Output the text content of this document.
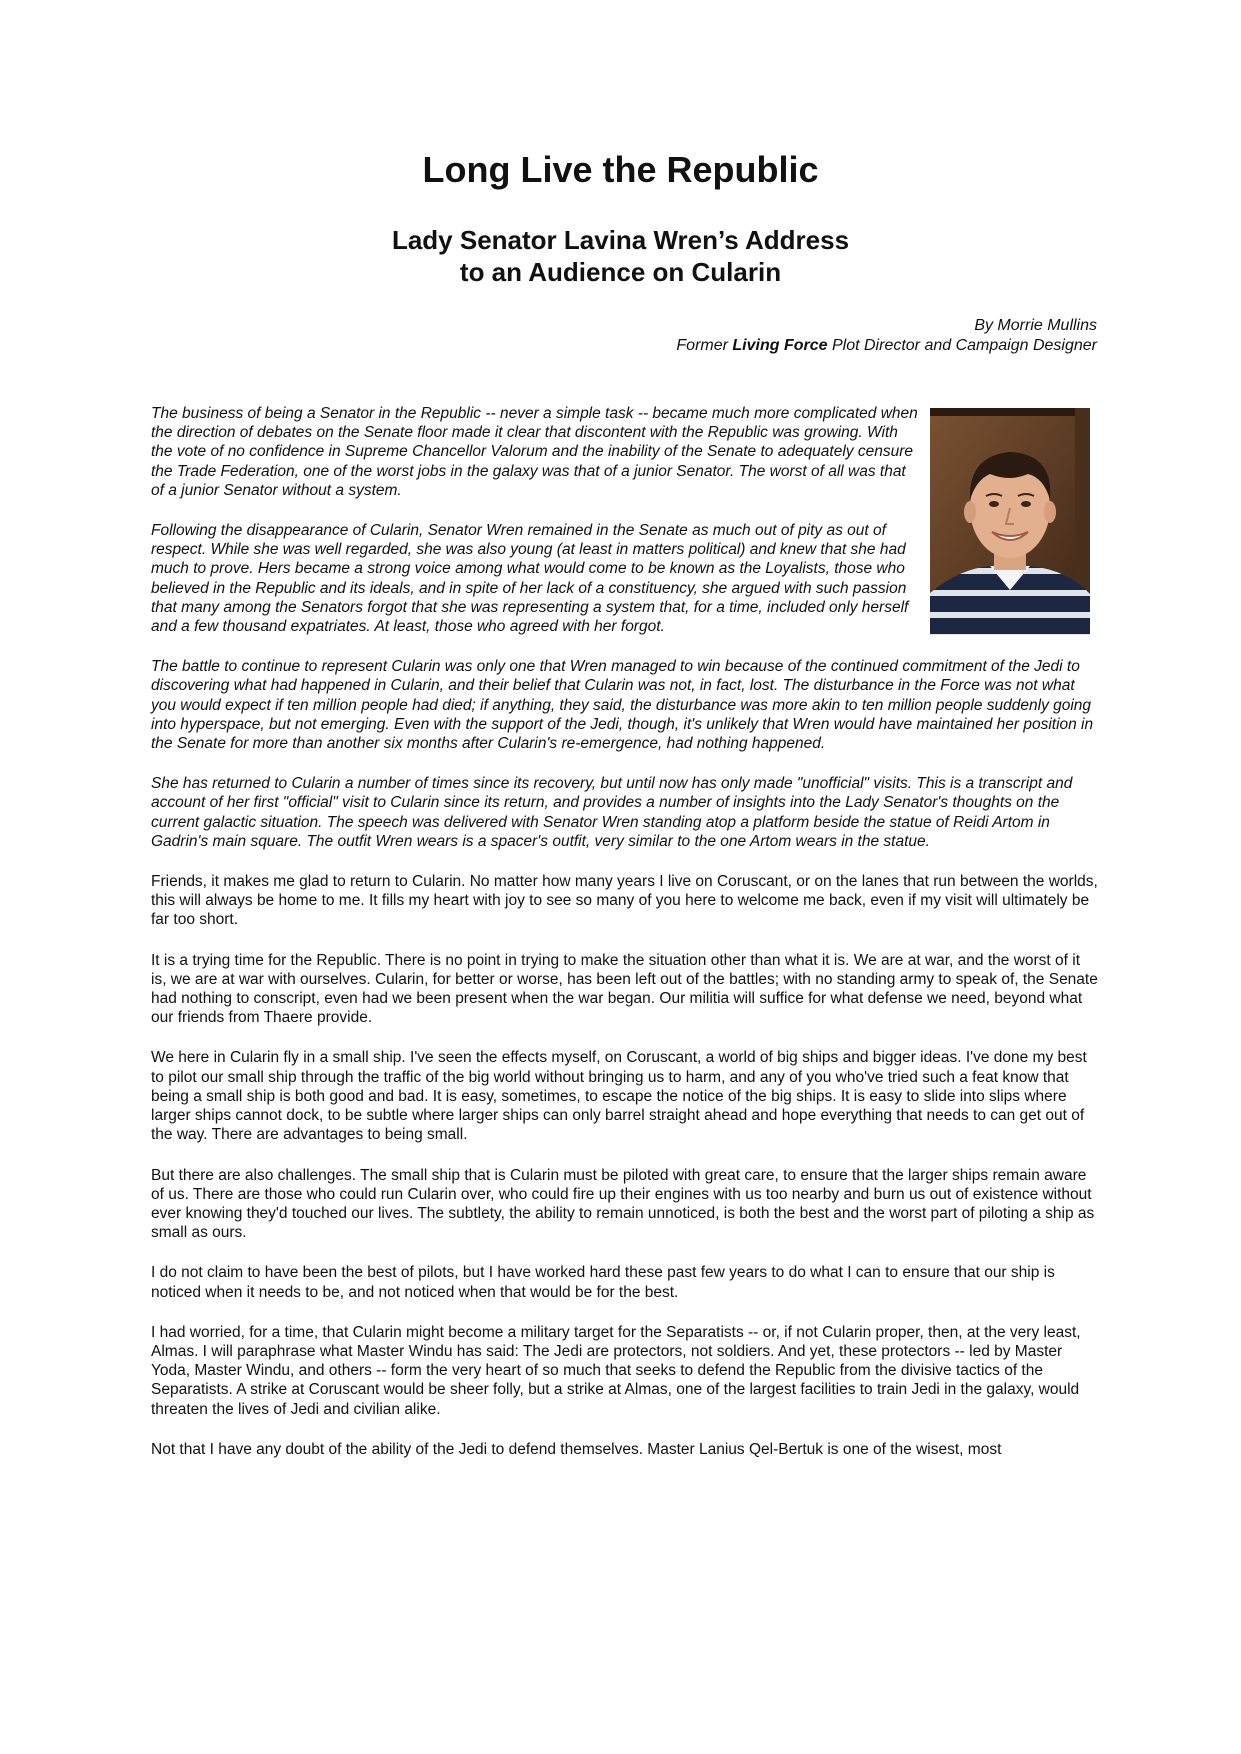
Long Live the Republic
Lady Senator Lavina Wren’s Address
to an Audience on Cularin
By Morrie Mullins
Former Living Force Plot Director and Campaign Designer

The business of being a Senator in the Republic -- never a simple task -- became much more complicated when the direction of debates on the Senate floor made it clear that discontent with the Republic was growing. With the vote of no confidence in Supreme Chancellor Valorum and the inability of the Senate to adequately censure the Trade Federation, one of the worst jobs in the galaxy was that of a junior Senator. The worst of all was that of a junior Senator without a system.

Following the disappearance of Cularin, Senator Wren remained in the Senate as much out of pity as out of respect. While she was well regarded, she was also young (at least in matters political) and knew that she had much to prove. Hers became a strong voice among what would come to be known as the Loyalists, those who believed in the Republic and its ideals, and in spite of her lack of a constituency, she argued with such passion that many among the Senators forgot that she was representing a system that, for a time, included only herself and a few thousand expatriates. At least, those who agreed with her forgot.

The battle to continue to represent Cularin was only one that Wren managed to win because of the continued commitment of the Jedi to discovering what had happened in Cularin, and their belief that Cularin was not, in fact, lost. The disturbance in the Force was not what you would expect if ten million people had died; if anything, they said, the disturbance was more akin to ten million people suddenly going into hyperspace, but not emerging. Even with the support of the Jedi, though, it's unlikely that Wren would have maintained her position in the Senate for more than another six months after Cularin's re-emergence, had nothing happened.

She has returned to Cularin a number of times since its recovery, but until now has only made "unofficial" visits. This is a transcript and account of her first "official" visit to Cularin since its return, and provides a number of insights into the Lady Senator's thoughts on the current galactic situation. The speech was delivered with Senator Wren standing atop a platform beside the statue of Reidi Artom in Gadrin's main square. The outfit Wren wears is a spacer's outfit, very similar to the one Artom wears in the statue.

Friends, it makes me glad to return to Cularin. No matter how many years I live on Coruscant, or on the lanes that run between the worlds, this will always be home to me. It fills my heart with joy to see so many of you here to welcome me back, even if my visit will ultimately be far too short.

It is a trying time for the Republic. There is no point in trying to make the situation other than what it is. We are at war, and the worst of it is, we are at war with ourselves. Cularin, for better or worse, has been left out of the battles; with no standing army to speak of, the Senate had nothing to conscript, even had we been present when the war began. Our militia will suffice for what defense we need, beyond what our friends from Thaere provide.

We here in Cularin fly in a small ship. I've seen the effects myself, on Coruscant, a world of big ships and bigger ideas. I've done my best to pilot our small ship through the traffic of the big world without bringing us to harm, and any of you who've tried such a feat know that being a small ship is both good and bad. It is easy, sometimes, to escape the notice of the big ships. It is easy to slide into slips where larger ships cannot dock, to be subtle where larger ships can only barrel straight ahead and hope everything that needs to can get out of the way. There are advantages to being small.

But there are also challenges. The small ship that is Cularin must be piloted with great care, to ensure that the larger ships remain aware of us. There are those who could run Cularin over, who could fire up their engines with us too nearby and burn us out of existence without ever knowing they'd touched our lives. The subtlety, the ability to remain unnoticed, is both the best and the worst part of piloting a ship as small as ours.

I do not claim to have been the best of pilots, but I have worked hard these past few years to do what I can to ensure that our ship is noticed when it needs to be, and not noticed when that would be for the best.

I had worried, for a time, that Cularin might become a military target for the Separatists -- or, if not Cularin proper, then, at the very least, Almas. I will paraphrase what Master Windu has said: The Jedi are protectors, not soldiers. And yet, these protectors -- led by Master Yoda, Master Windu, and others -- form the very heart of so much that seeks to defend the Republic from the divisive tactics of the Separatists. A strike at Coruscant would be sheer folly, but a strike at Almas, one of the largest facilities to train Jedi in the galaxy, would threaten the lives of Jedi and civilian alike.

Not that I have any doubt of the ability of the Jedi to defend themselves. Master Lanius Qel-Bertuk is one of the wisest, most
